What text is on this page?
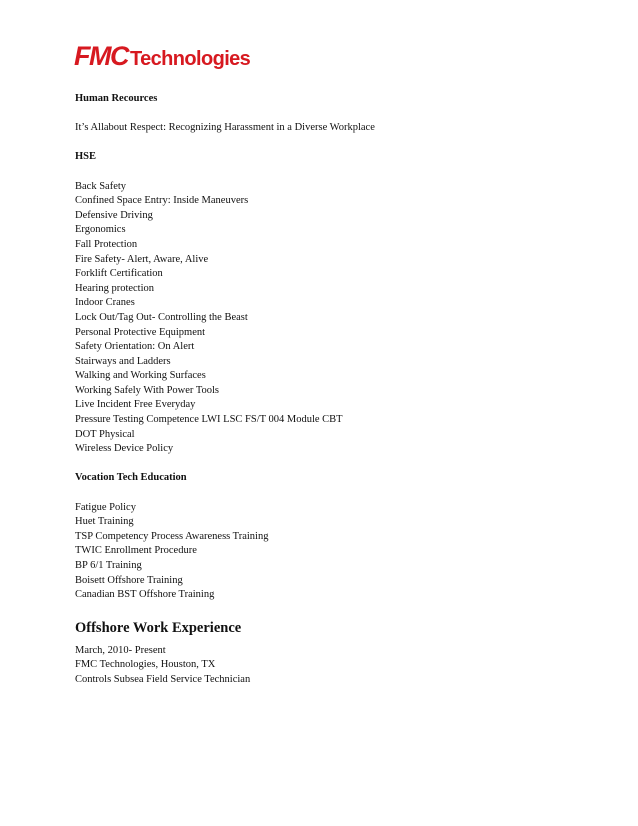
FMC Technologies
Human Recources
It’s Allabout Respect: Recognizing Harassment in a Diverse Workplace
HSE
Back Safety
Confined Space Entry: Inside Maneuvers
Defensive Driving
Ergonomics
Fall Protection
Fire Safety- Alert, Aware, Alive
Forklift Certification
Hearing protection
Indoor Cranes
Lock Out/Tag Out- Controlling the Beast
Personal Protective Equipment
Safety Orientation: On Alert
Stairways and Ladders
Walking and Working Surfaces
Working Safely With Power Tools
Live Incident Free Everyday
Pressure Testing Competence LWI LSC FS/T 004 Module CBT
DOT Physical
Wireless Device Policy
Vocation Tech Education
Fatigue Policy
Huet Training
TSP Competency Process Awareness Training
TWIC Enrollment Procedure
BP 6/1 Training
Boisett Offshore Training
Canadian BST Offshore Training
Offshore Work Experience
March, 2010- Present
FMC Technologies, Houston, TX
Controls Subsea Field Service Technician
